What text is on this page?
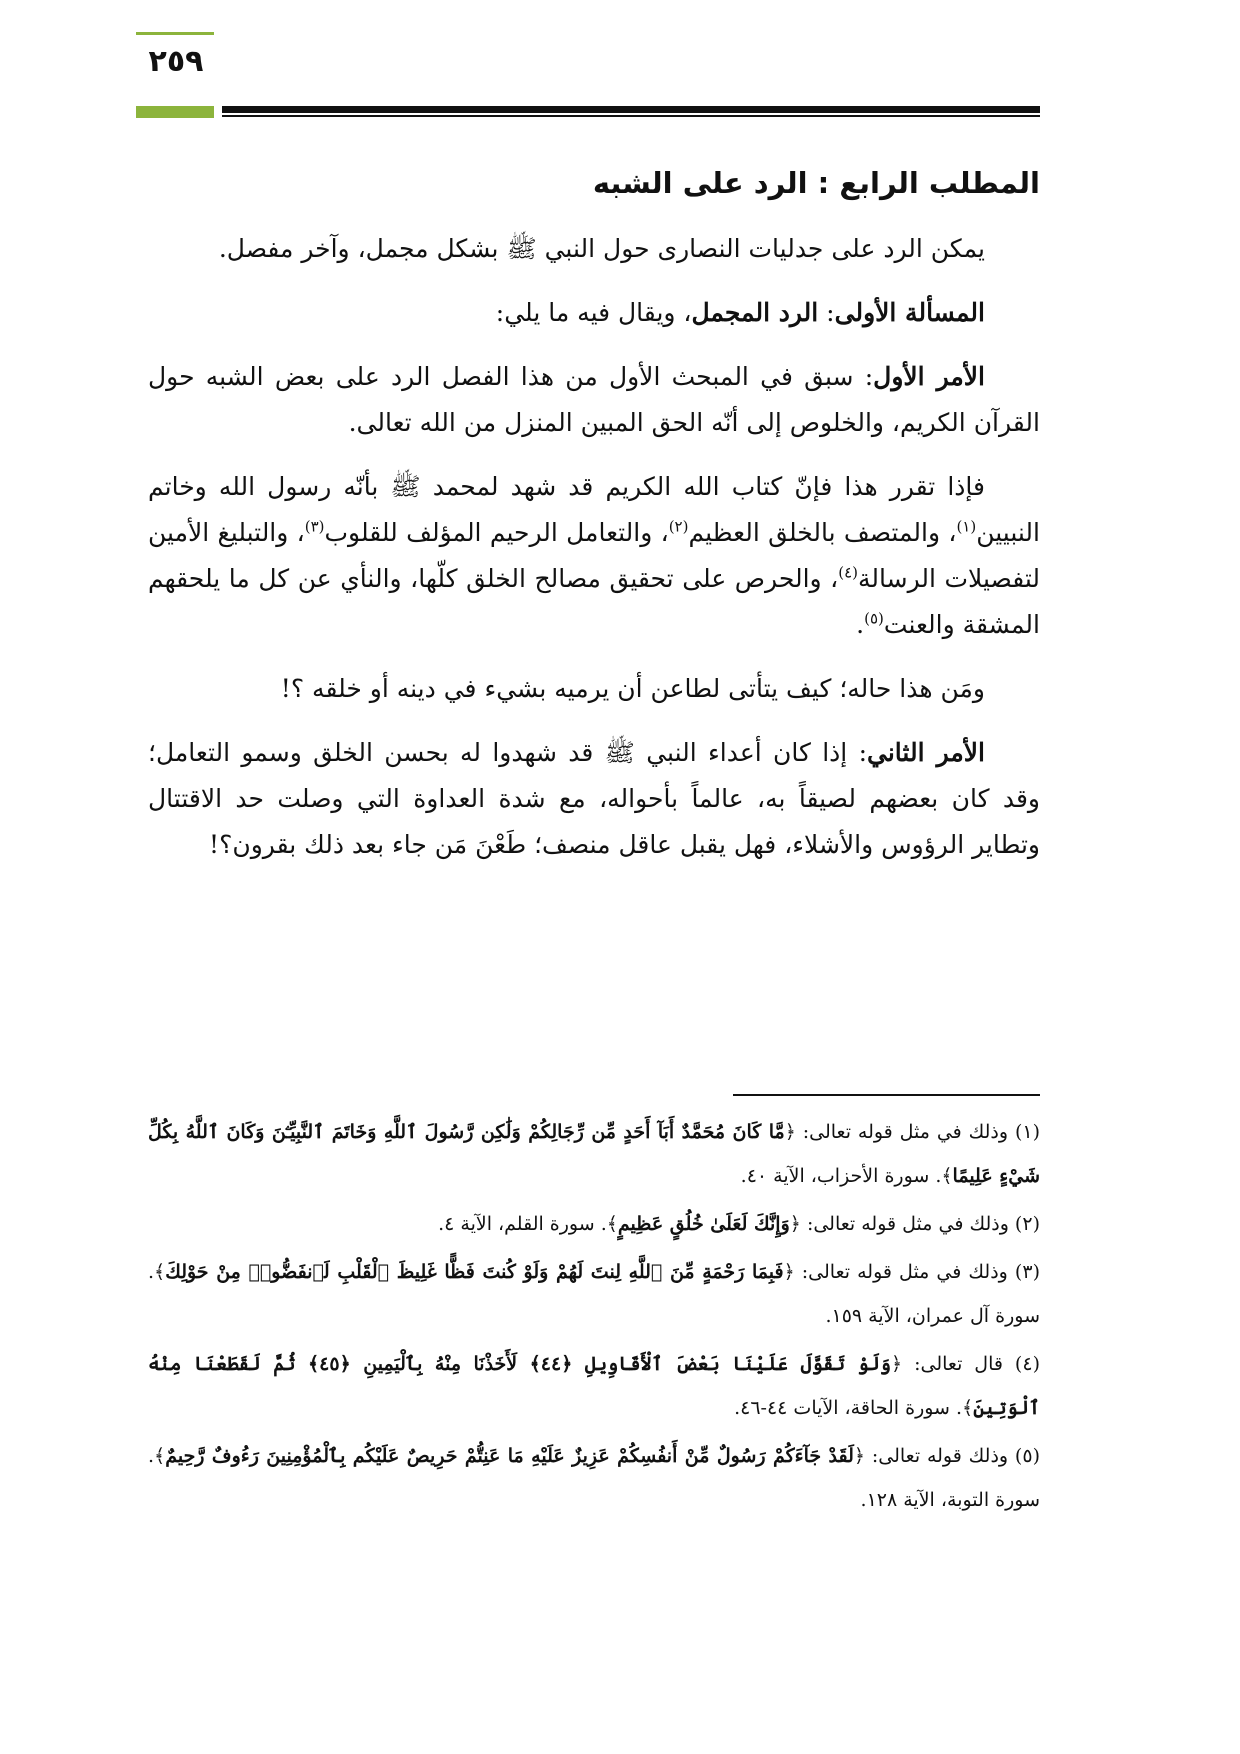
٢٥٩
المطلب الرابع : الرد على الشبه

يمكن الرد على جدليات النصارى حول النبي ﷺ بشكل مجمل، وآخر مفصل.

المسألة الأولى: الرد المجمل، ويقال فيه ما يلي:

الأمر الأول: سبق في المبحث الأول من هذا الفصل الرد على بعض الشبه حول القرآن الكريم، والخلوص إلى أنّه الحق المبين المنزل من الله تعالى.

فإذا تقرر هذا فإنّ كتاب الله الكريم قد شهد لمحمد ﷺ بأنّه رسول الله وخاتم النبيين$^{(١)}$، والمتصف بالخلق العظيم$^{(٢)}$، والتعامل الرحيم المؤلف للقلوب$^{(٣)}$، والتبليغ الأمين لتفصيلات الرسالة$^{(٤)}$، والحرص على تحقيق مصالح الخلق كلّها، والنأي عن كل ما يلحقهم المشقة والعنت$^{(٥)}$.

ومَن هذا حاله؛ كيف يتأتى لطاعن أن يرميه بشيء في دينه أو خلقه ؟!

الأمر الثاني: إذا كان أعداء النبي ﷺ قد شهدوا له بحسن الخلق وسمو التعامل؛ وقد كان بعضهم لصيقاً به، عالماً بأحواله، مع شدة العداوة التي وصلت حد الاقتتال وتطاير الرؤوس والأشلاء، فهل يقبل عاقل منصف؛ طَعْنَ مَن جاء بعد ذلك بقرون؟!

(١) وذلك في مثل قوله تعالى: ﴿مَّا كَانَ مُحَمَّدٌ أَبَآ أَحَدٍ مِّن رِّجَالِكُمْ وَلَٰكِن رَّسُولَ ٱللَّهِ وَخَاتَمَ ٱلنَّبِيِّـۧنَ وَكَانَ ٱللَّهُ بِكُلِّ شَيْءٍ عَلِيمًا﴾. سورة الأحزاب، الآية ٤٠.

(٢) وذلك في مثل قوله تعالى: ﴿وَإِنَّكَ لَعَلَىٰ خُلُقٍ عَظِيمٍ﴾. سورة القلم، الآية ٤.

(٣) وذلك في مثل قوله تعالى: ﴿فَبِمَا رَحْمَةٍ مِّنَ ٱللَّهِ لِنتَ لَهُمْ وَلَوْ كُنتَ فَظًّا غَلِيظَ ٱلْقَلْبِ لَٱنفَضُّوا۟ مِنْ حَوْلِكَ﴾. سورة آل عمران، الآية ١٥٩.

(٤) قال تعالى: ﴿وَلَوْ تَقَوَّلَ عَلَيْنَا بَعْضَ ٱلْأَقَاوِيلِ ﴿٤٤﴾ لَأَخَذْنَا مِنْهُ بِٱلْيَمِينِ ﴿٤٥﴾ ثُمَّ لَقَطَعْنَا مِنْهُ ٱلْوَتِينَ﴾. سورة الحاقة، الآيات ٤٤-٤٦.

(٥) وذلك قوله تعالى: ﴿لَقَدْ جَآءَكُمْ رَسُولٌ مِّنْ أَنفُسِكُمْ عَزِيزٌ عَلَيْهِ مَا عَنِتُّمْ حَرِيصٌ عَلَيْكُم بِٱلْمُؤْمِنِينَ رَءُوفٌ رَّحِيمٌ﴾. سورة التوبة، الآية ١٢٨.
